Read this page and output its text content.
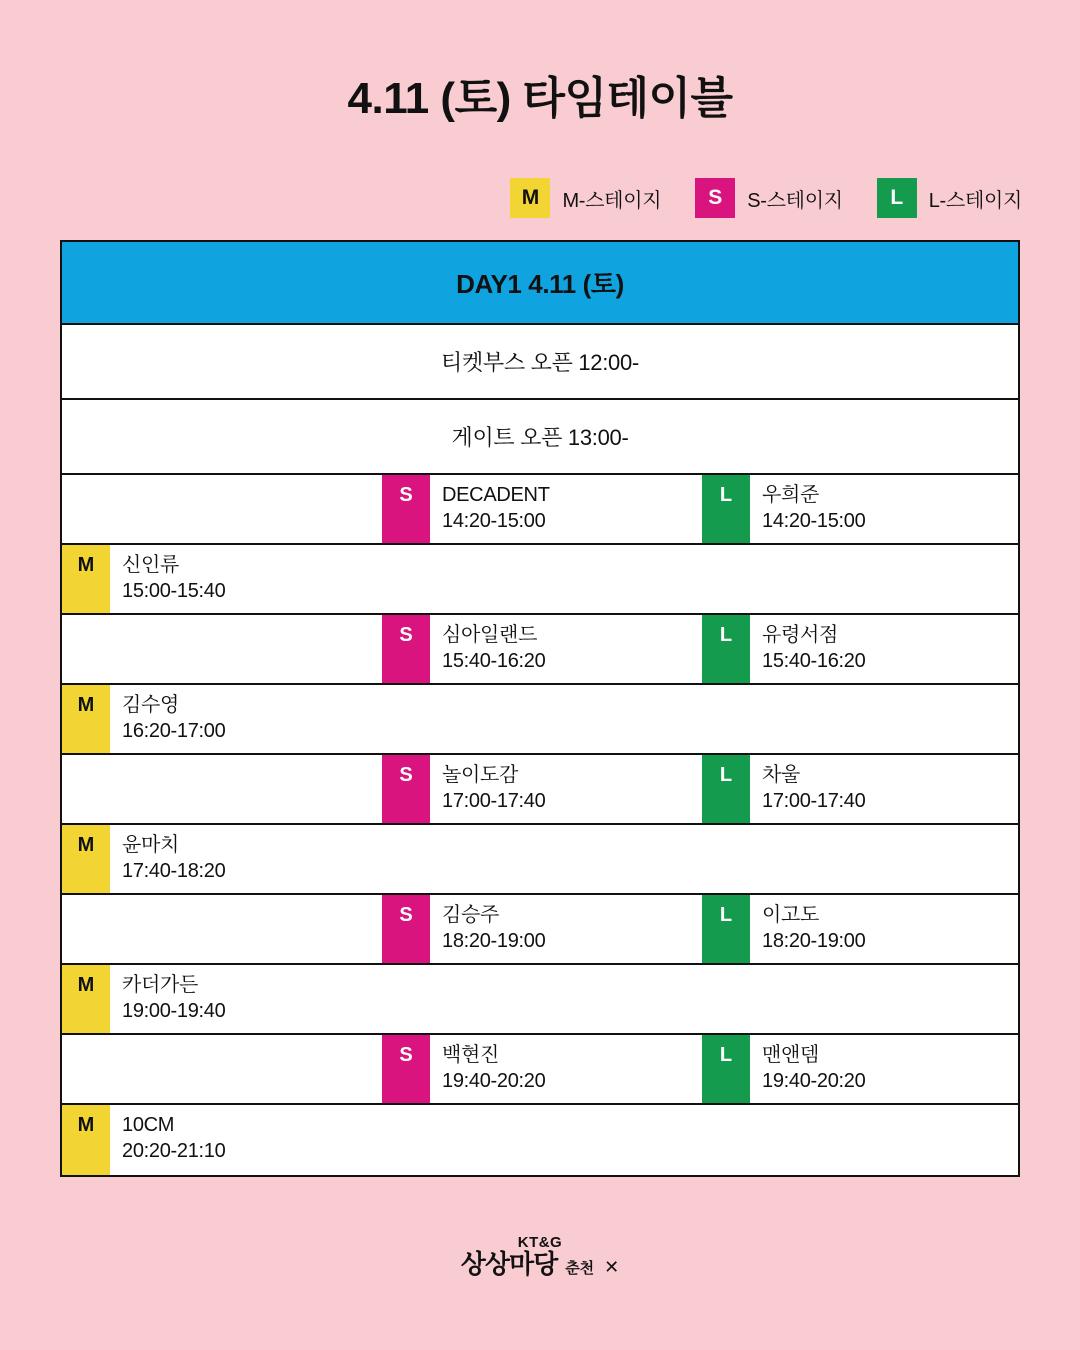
4.11 (토) 타임테이블
M	M-스테이지	S	S-스테이지	L	L-스테이지
DAY1 4.11 (토)
티켓부스 오픈 12:00-
게이트 오픈 13:00-
S	DECADENT
14:20-15:00
L	우희준
14:20-15:00
M	신인류
15:00-15:40
S	심아일랜드
15:40-16:20
L	유령서점
15:40-16:20
M	김수영
16:20-17:00
S	놀이도감
17:00-17:40
L	차울
17:00-17:40
M	윤마치
17:40-18:20
S	김승주
18:20-19:00
L	이고도
18:20-19:00
M	카더가든
19:00-19:40
S	백현진
19:40-20:20
L	맨앤뎀
19:40-20:20
M	10CM
20:20-21:10
KT&G
상상마당 춘천 ✕
